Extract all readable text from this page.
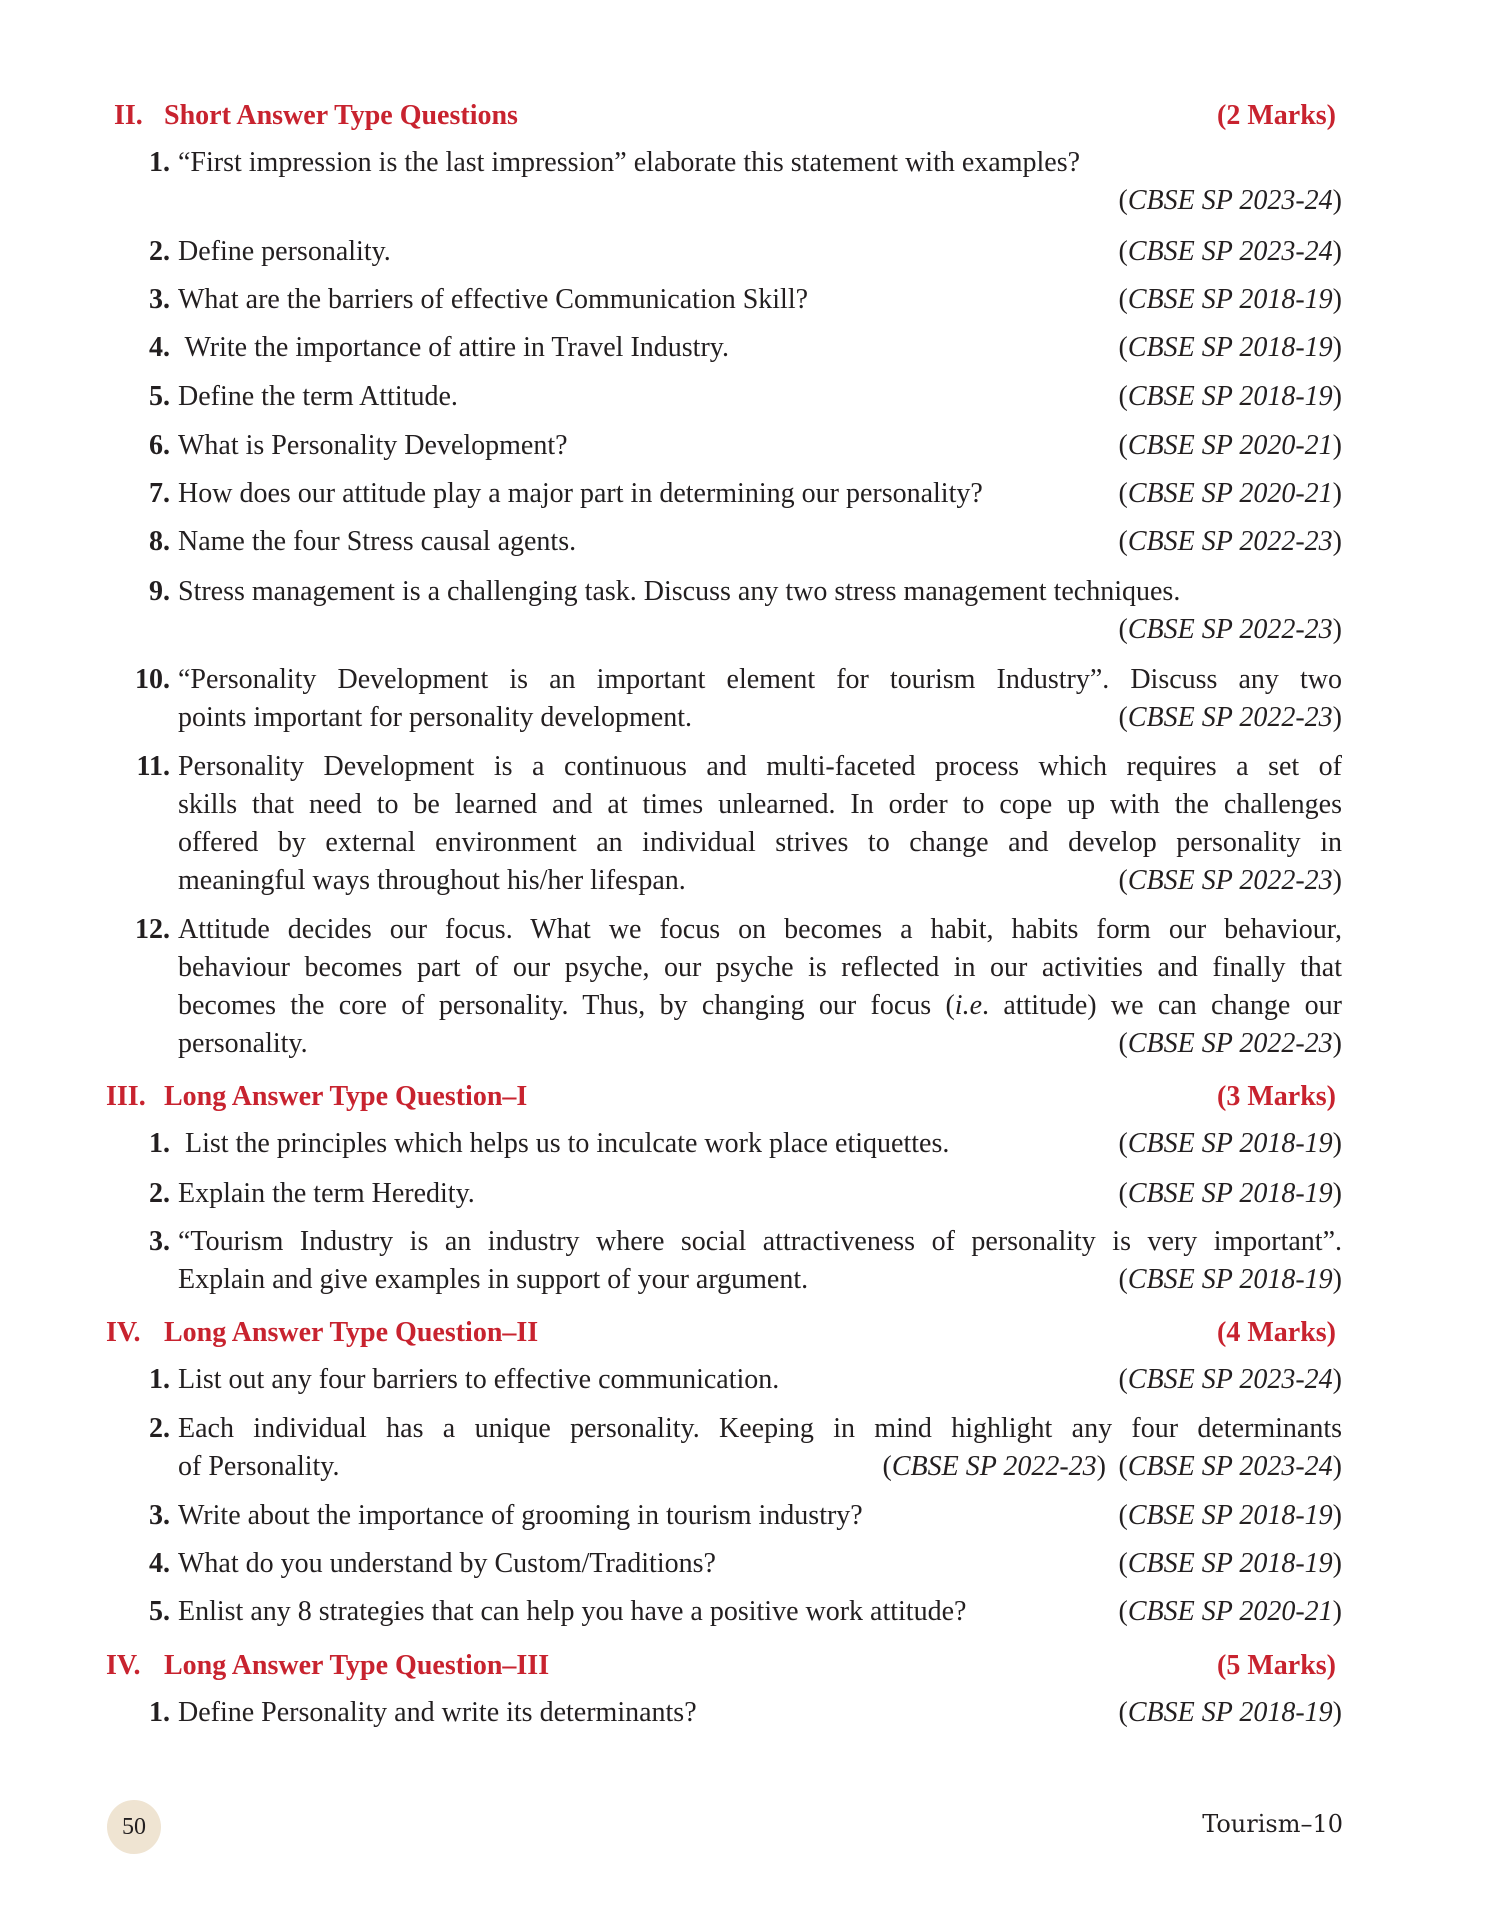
II. Short Answer Type Questions	(2 Marks)
1. “First impression is the last impression” elaborate this statement with examples?
(CBSE SP 2023-24)
2. Define personality.	(CBSE SP 2023-24)
3. What are the barriers of effective Communication Skill?	(CBSE SP 2018-19)
4. Write the importance of attire in Travel Industry.	(CBSE SP 2018-19)
5. Define the term Attitude.	(CBSE SP 2018-19)
6. What is Personality Development?	(CBSE SP 2020-21)
7. How does our attitude play a major part in determining our personality?	(CBSE SP 2020-21)
8. Name the four Stress causal agents.	(CBSE SP 2022-23)
9. Stress management is a challenging task. Discuss any two stress management techniques.
(CBSE SP 2022-23)
10. “Personality Development is an important element for tourism Industry”. Discuss any two
points important for personality development.	(CBSE SP 2022-23)
11. Personality Development is a continuous and multi-faceted process which requires a set of
skills that need to be learned and at times unlearned. In order to cope up with the challenges
offered by external environment an individual strives to change and develop personality in
meaningful ways throughout his/her lifespan.	(CBSE SP 2022-23)
12. Attitude decides our focus. What we focus on becomes a habit, habits form our behaviour,
behaviour becomes part of our psyche, our psyche is reflected in our activities and finally that
becomes the core of personality. Thus, by changing our focus (i.e. attitude) we can change our
personality.	(CBSE SP 2022-23)
III. Long Answer Type Question–I	(3 Marks)
1. List the principles which helps us to inculcate work place etiquettes.	(CBSE SP 2018-19)
2. Explain the term Heredity.	(CBSE SP 2018-19)
3. “Tourism Industry is an industry where social attractiveness of personality is very important”.
Explain and give examples in support of your argument.	(CBSE SP 2018-19)
IV. Long Answer Type Question–II	(4 Marks)
1. List out any four barriers to effective communication.	(CBSE SP 2023-24)
2. Each individual has a unique personality. Keeping in mind highlight any four determinants
of Personality.	(CBSE SP 2022-23) (CBSE SP 2023-24)
3. Write about the importance of grooming in tourism industry?	(CBSE SP 2018-19)
4. What do you understand by Custom/Traditions?	(CBSE SP 2018-19)
5. Enlist any 8 strategies that can help you have a positive work attitude?	(CBSE SP 2020-21)
IV. Long Answer Type Question–III	(5 Marks)
1. Define Personality and write its determinants?	(CBSE SP 2018-19)
50	Tourism–10
